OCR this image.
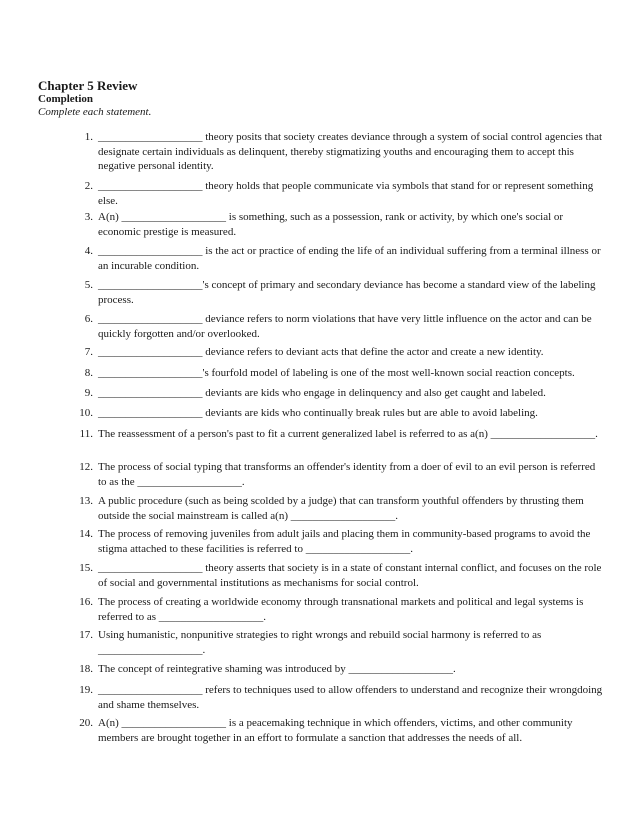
Chapter 5 Review

Completion

Complete each statement.

1. ___________________ theory posits that society creates deviance through a system of social control agencies that designate certain individuals as delinquent, thereby stigmatizing youths and encouraging them to accept this negative personal identity.
2. ___________________ theory holds that people communicate via symbols that stand for or represent something else.
3. A(n) ___________________ is something, such as a possession, rank or activity, by which one's social or economic prestige is measured.
4. ___________________ is the act or practice of ending the life of an individual suffering from a terminal illness or an incurable condition.
5. ___________________'s concept of primary and secondary deviance has become a standard view of the labeling process.
6. ___________________ deviance refers to norm violations that have very little influence on the actor and can be quickly forgotten and/or overlooked.
7. ___________________ deviance refers to deviant acts that define the actor and create a new identity.
8. ___________________'s fourfold model of labeling is one of the most well-known social reaction concepts.
9. ___________________ deviants are kids who engage in delinquency and also get caught and labeled.
10. ___________________ deviants are kids who continually break rules but are able to avoid labeling.
11. The reassessment of a person's past to fit a current generalized label is referred to as a(n) ___________________.
12. The process of social typing that transforms an offender's identity from a doer of evil to an evil person is referred to as the ___________________.
13. A public procedure (such as being scolded by a judge) that can transform youthful offenders by thrusting them outside the social mainstream is called a(n) ___________________.
14. The process of removing juveniles from adult jails and placing them in community-based programs to avoid the stigma attached to these facilities is referred to ___________________.
15. ___________________ theory asserts that society is in a state of constant internal conflict, and focuses on the role of social and governmental institutions as mechanisms for social control.
16. The process of creating a worldwide economy through transnational markets and political and legal systems is referred to as ___________________.
17. Using humanistic, nonpunitive strategies to right wrongs and rebuild social harmony is referred to as ___________________.
18. The concept of reintegrative shaming was introduced by ___________________.
19. ___________________ refers to techniques used to allow offenders to understand and recognize their wrongdoing and shame themselves.
20. A(n) ___________________ is a peacemaking technique in which offenders, victims, and other community members are brought together in an effort to formulate a sanction that addresses the needs of all.
